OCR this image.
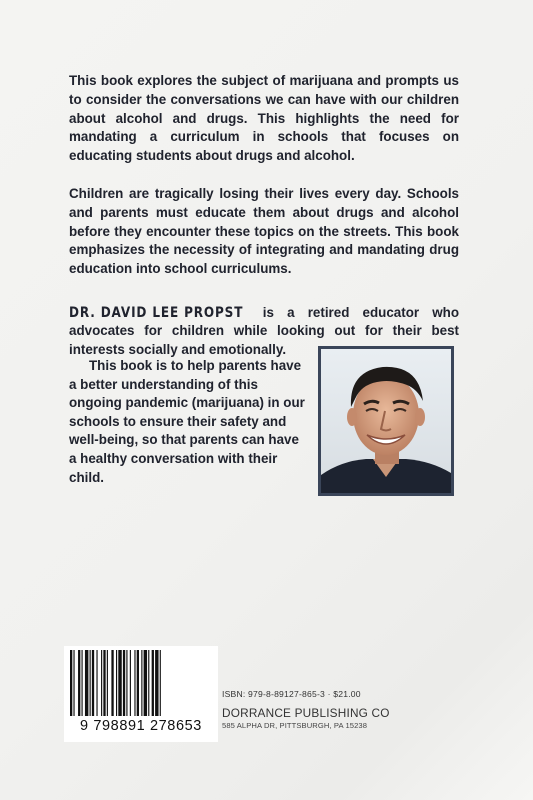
This book explores the subject of marijuana and prompts us to consider the conversations we can have with our children about alcohol and drugs. This highlights the need for mandating a curriculum in schools that focuses on educating students about drugs and alcohol.

Children are tragically losing their lives every day. Schools and parents must educate them about drugs and alcohol before they encounter these topics on the streets. This book emphasizes the necessity of integrating and mandating drug education into school curriculums.

DR. DAVID LEE PROPST is a retired educator who advocates for children while looking out for their best interests socially and emotionally.

This book is to help parents have a better understanding of this ongoing pandemic (marijuana) in our schools to ensure their safety and well-being, so that parents can have a healthy conversation with their child.

9 798891 278653
ISBN: 979-8-89127-865-3 · $21.00
DORRANCE PUBLISHING CO
585 ALPHA DR, PITTSBURGH, PA 15238
